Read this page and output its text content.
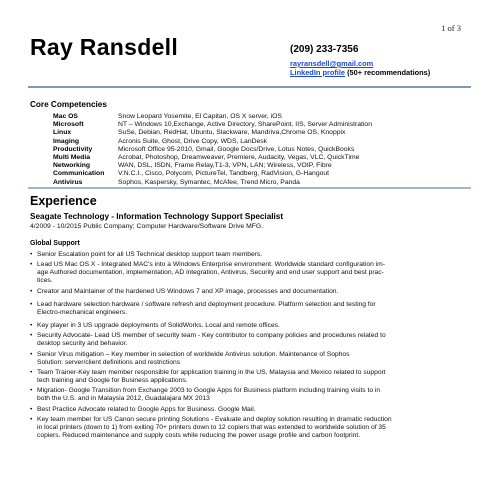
1 of 3
Ray Ransdell	(209) 233-7356
rayransdell@gmail.com
LinkedIn profile (50+ recommendations)
Core Competencies
Mac OS	Snow Leopard Yosemite, El Capitan, OS X server, iOS
Microsoft	NT – Windows 10,Exchange, Active Directory, SharePoint, IIS, Server Administration
Linux	SuSe, Debian, RedHat, Ubuntu, Slackware, Mandriva,Chrome OS, Knoppix
Imaging	Acronis Suite, Ghost, Drive Copy, WDS, LanDesk
Productivity	Microsoft Office 95-2010, Gmail, Google Docs/Drive, Lotus Notes, QuickBooks
Multi Media	Acrobat, Photoshop, Dreamweaver, Premiere, Audacity, Vegas, VLC, QuickTime
Networking	WAN, DSL, ISDN, Frame Relay,T1-3, VPN, LAN; Wireless, VOIP, Fibre
Communication	V.N.C.I., Cisco, Polycom, PictureTel, Tandberg, RadVision, G-Hangout
Antivirus	Sophos, Kaspersky, Symantec, McAfee, Trend Micro, Panda
Experience
Seagate Technology - Information Technology Support Specialist
4/2009 - 10/2015 Public Company; Computer Hardware/Software Drive MFG.
Global Support
• Senior Escalation point for all US Technical desktop support team members.
• Lead US Mac OS X - Integrated MAC's into a Windows Enterprise environment. Worldwide standard configuration im-
age Authored documentation, implementation, AD integration, Antivirus, Security and end user support and best prac-
tices.
• Creator and Maintainer of the hardened US Windows 7 and XP image, processes and documentation.
• Lead hardware selection hardware / software refresh and deployment procedure. Platform selection and testing for
Electro-mechanical engineers.
• Key player in 3 US upgrade deployments of SolidWorks. Local and remote offices.
• Security Advocate- Lead US member of security team - Key contributor to company policies and procedures related to
desktop security and behavior.
• Senior Virus mitigation – Key member in selection of worldwide Antivirus solution. Maintenance of Sophos
Solution: server/client definitions and restrictions
• Team Trainer-Key team member responsible for application training in the US, Malaysia and Mexico related to support
tech training and Google for Business applications.
• Migration- Google Transition from Exchange 2003 to Google Apps for Business platform including training visits to in
both the U.S. and in Malaysia 2012, Guadalajara MX 2013
• Best Practice Advocate related to Google Apps for Business. Google Mail.
• Key team member for US Canon secure printing Solutions - Evaluate and deploy solution resulting in dramatic reduction
in local printers (down to 1) from exiting 70+ printers down to 12 copiers that was extended to worldwide solution of 35
copiers. Reduced maintenance and supply costs while reducing the power usage profile and carbon footprint.
